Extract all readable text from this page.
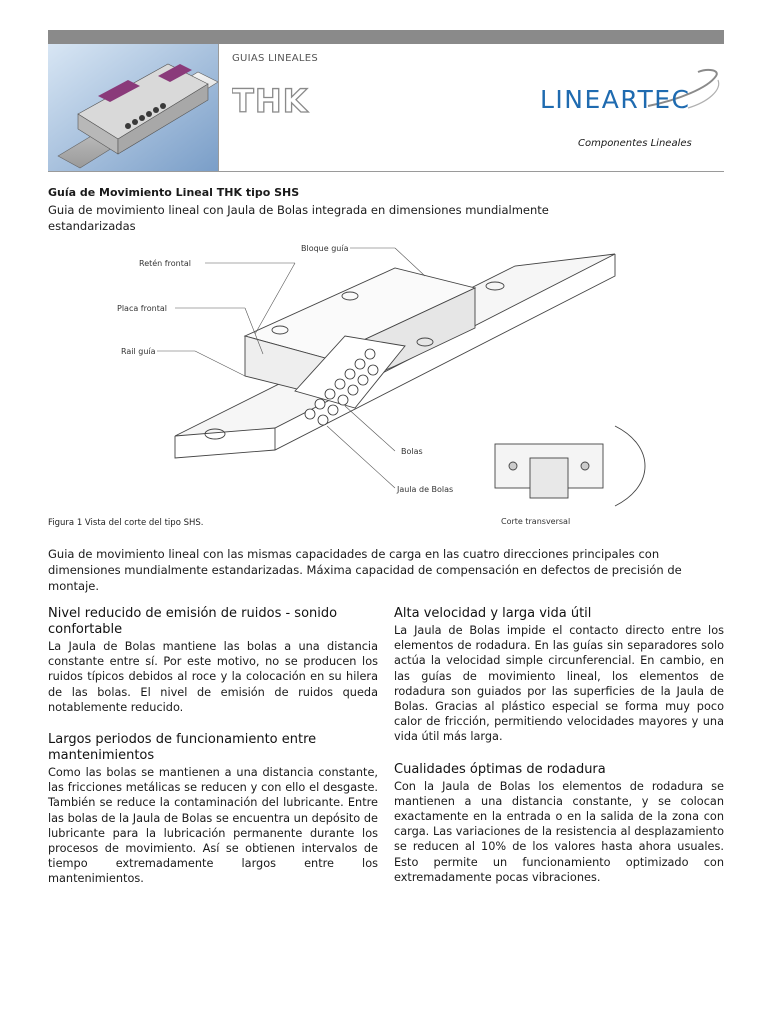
GUIAS LINEALES
THK	LINEARTEC
Componentes Lineales
Guía de Movimiento Lineal THK tipo SHS
Guia de movimiento lineal con Jaula de Bolas integrada en dimensiones mundialmente estandarizadas
Retén frontal
Placa frontal
Rail guía
Bloque guía
Bolas
Jaula de Bolas
Corte transversal
Figura 1 Vista del corte del tipo SHS.
Guia de movimiento lineal con las mismas capacidades de carga en las cuatro direcciones principales con dimensiones mundialmente estandarizadas. Máxima capacidad de compensación en defectos de precisión de montaje.
Nivel reducido de emisión de ruidos - sonido confortable

La Jaula de Bolas mantiene las bolas a una distancia constante entre sí. Por este motivo, no se producen los ruidos típicos debidos al roce y la colocación en su hilera de las bolas. El nivel de emisión de ruidos queda notablemente reducido.

Largos periodos de funcionamiento entre mantenimientos

Como las bolas se mantienen a una distancia constante, las fricciones metálicas se reducen y con ello el desgaste. También se reduce la contaminación del lubricante. Entre las bolas de la Jaula de Bolas se encuentra un depósito de lubricante para la lubricación permanente durante los procesos de movimiento. Así se obtienen intervalos de tiempo extremadamente largos entre los mantenimientos.

Alta velocidad y larga vida útil

La Jaula de Bolas impide el contacto directo entre los elementos de rodadura. En las guías sin separadores solo actúa la velocidad simple circunferencial. En cambio, en las guías de movimiento lineal, los elementos de rodadura son guiados por las superficies de la Jaula de Bolas. Gracias al plástico especial se forma muy poco calor de fricción, permitiendo velocidades mayores y una vida útil más larga.

Cualidades óptimas de rodadura

Con la Jaula de Bolas los elementos de rodadura se mantienen a una distancia constante, y se colocan exactamente en la entrada o en la salida de la zona con carga. Las variaciones de la resistencia al desplazamiento se reducen al 10% de los valores hasta ahora usuales. Esto permite un funcionamiento optimizado con extremadamente pocas vibraciones.
